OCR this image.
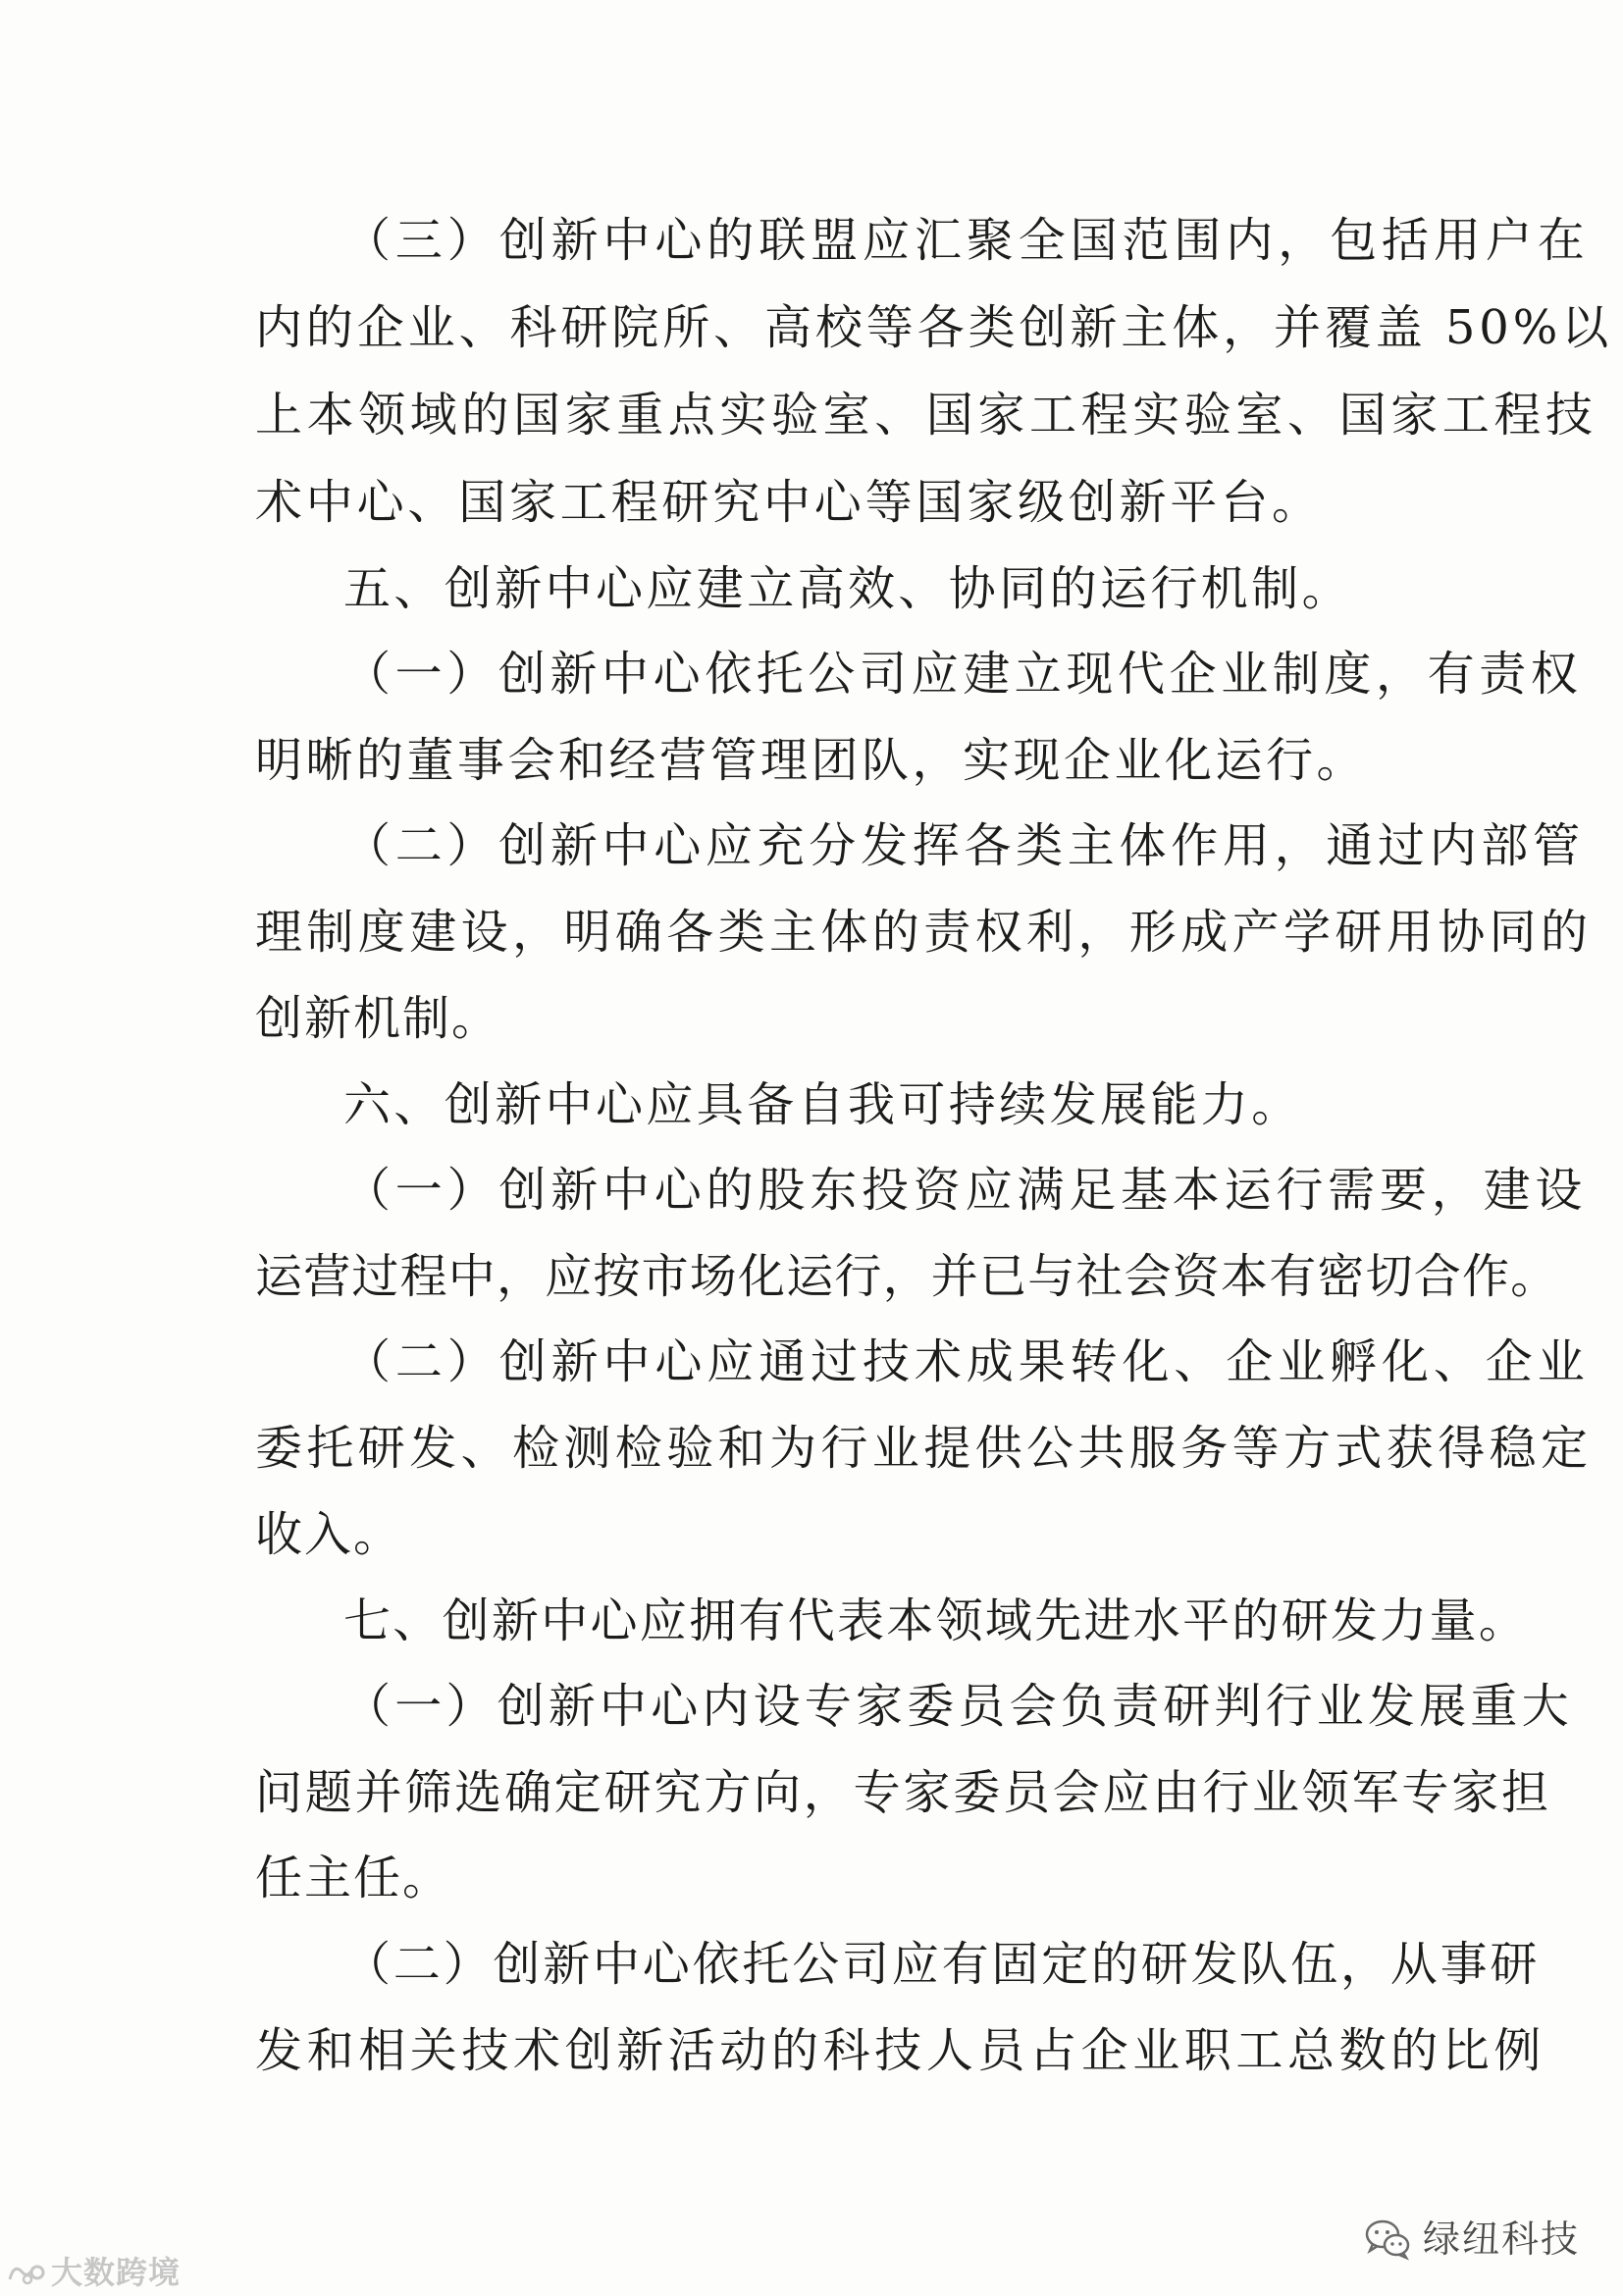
（三）创新中心的联盟应汇聚全国范围内，包括用户在
内的企业、科研院所、高校等各类创新主体，并覆盖 50%以
上本领域的国家重点实验室、国家工程实验室、国家工程技
术中心、国家工程研究中心等国家级创新平台。
五、创新中心应建立高效、协同的运行机制。
（一）创新中心依托公司应建立现代企业制度，有责权
明晰的董事会和经营管理团队，实现企业化运行。
（二）创新中心应充分发挥各类主体作用，通过内部管
理制度建设，明确各类主体的责权利，形成产学研用协同的
创新机制。
六、创新中心应具备自我可持续发展能力。
（一）创新中心的股东投资应满足基本运行需要，建设
运营过程中，应按市场化运行，并已与社会资本有密切合作。
（二）创新中心应通过技术成果转化、企业孵化、企业
委托研发、检测检验和为行业提供公共服务等方式获得稳定
收入。
七、创新中心应拥有代表本领域先进水平的研发力量。
（一）创新中心内设专家委员会负责研判行业发展重大
问题并筛选确定研究方向，专家委员会应由行业领军专家担
任主任。
（二）创新中心依托公司应有固定的研发队伍，从事研
发和相关技术创新活动的科技人员占企业职工总数的比例
大数跨境
绿纽科技
